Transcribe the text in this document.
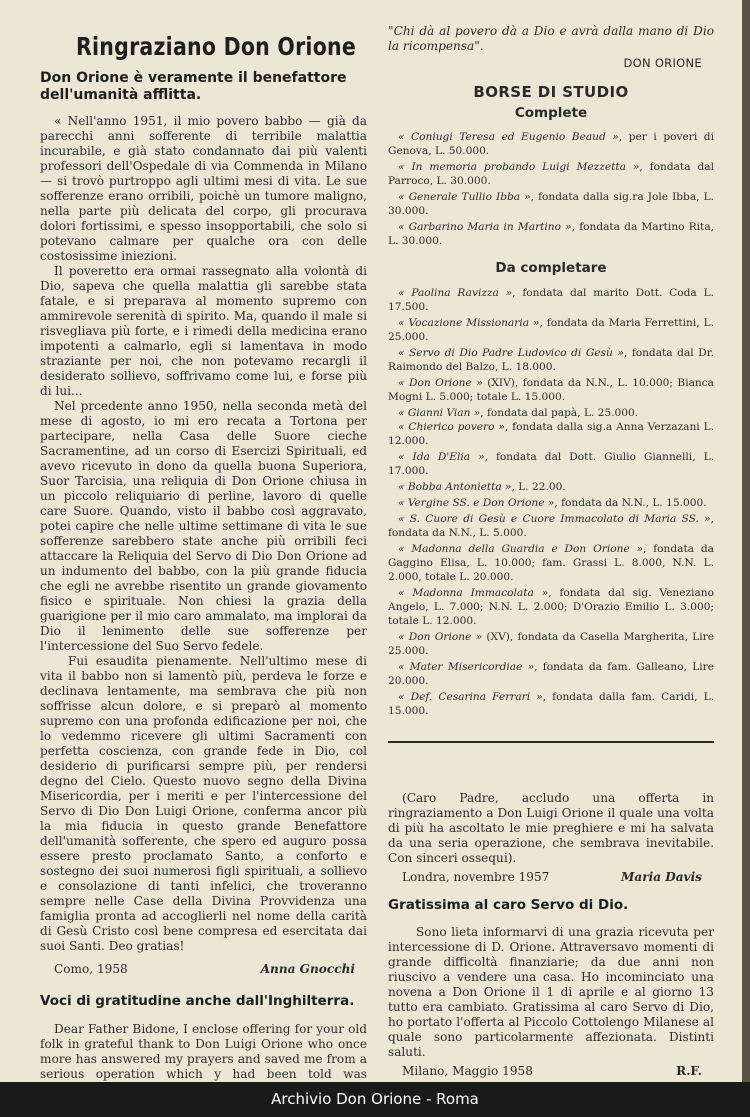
Ringraziano Don Orione
Don Orione è veramente il benefattore dell'umanità afflitta.

« Nell'anno 1951, il mio povero babbo — già da parecchi anni sofferente di terribile malattia incurabile, e già stato condannato dai più valenti professori dell'Ospedale di via Commenda in Milano — si trovò purtroppo agli ultimi mesi di vita. Le sue sofferenze erano orribili, poichè un tumore maligno, nella parte più delicata del corpo, gli procurava dolori fortissimi, e spesso insopportabili, che solo si potevano calmare per qualche ora con delle costosissime iniezioni.

Il poveretto era ormai rassegnato alla volontà di Dio, sapeva che quella malattia gli sarebbe stata fatale, e si preparava al momento supremo con ammirevole serenità di spirito. Ma, quando il male si risvegliava più forte, e i rimedi della medicina erano impotenti a calmarlo, egli si lamentava in modo straziante per noi, che non potevamo recargli il desiderato sollievo, soffrivamo come lui, e forse più di lui...

Nel prcedente anno 1950, nella seconda metà del mese di agosto, io mi ero recata a Tortona per partecipare, nella Casa delle Suore cieche Sacramentine, ad un corso di Esercizi Spirituali, ed avevo ricevuto in dono da quella buona Superiora, Suor Tarcisia, una reliquia di Don Orione chiusa in un piccolo reliquiario di perline, lavoro di quelle care Suore. Quando, visto il babbo così aggravato, potei capire che nelle ultime settimane di vita le sue sofferenze sarebbero state anche più orribili feci attaccare la Reliquia del Servo di Dio Don Orione ad un indumento del babbo, con la più grande fiducia che egli ne avrebbe risentito un grande giovamento fisico e spirituale. Non chiesi la grazia della guarigione per il mio caro ammalato, ma implorai da Dio il lenimento delle sue sofferenze per l'intercessione del Suo Servo fedele.

Fui esaudita pienamente. Nell'ultimo mese di vita il babbo non si lamentò più, perdeva le forze e declinava lentamente, ma sembrava che più non soffrisse alcun dolore, e si preparò al momento supremo con una profonda edificazione per noi, che lo vedemmo ricevere gli ultimi Sacramenti con perfetta coscienza, con grande fede in Dio, col desiderio di purificarsi sempre più, per rendersi degno del Cielo. Questo nuovo segno della Divina Misericordia, per i meriti e per l'intercessione del Servo di Dio Don Luigi Orione, conferma ancor più la mia fiducia in questo grande Benefattore dell'umanità sofferente, che spero ed auguro possa essere presto proclamato Santo, a conforto e sostegno dei suoi numerosi figli spirituali, a sollievo e consolazione di tanti infelici, che troveranno sempre nelle Case della Divina Provvidenza una famiglia pronta ad accoglierli nel nome della carità di Gesù Cristo così bene compresa ed esercitata dai suoi Santi. Deo gratias!

Como, 1958	Anna Gnocchi
Voci di gratitudine anche dall'Inghilterra.

Dear Father Bidone, I enclose offering for your old folk in grateful thank to Don Luigi Orione who once more has answered my prayers and saved me from a serious operation which y had been told was

"Chi dà al povero dà a Dio e avrà dalla mano di Dio la ricompensa".
DON ORIONE
BORSE DI STUDIO
Complete

« Coniugi Teresa ed Eugenio Beaud », per i poveri di Genova, L. 50.000.

« In memoria probando Luigi Mezzetta », fondata dal Parroco, L. 30.000.

« Generale Tullio Ibba », fondata dalla sig.ra Jole Ibba, L. 30.000.

« Garbarino Maria in Martino », fondata da Martino Rita, L. 30.000.

Da completare

« Paolina Ravizza », fondata dal marito Dott. Coda L. 17.500.

« Vocazione Missionaria », fondata da Maria Ferrettini, L. 25.000.

« Servo di Dio Padre Ludovico di Gesù », fondata dal Dr. Raimondo del Balzo, L. 18.000.

« Don Orione » (XIV), fondata da N.N., L. 10.000; Bianca Mogni L. 5.000; totale L. 15.000.

« Gianni Vian », fondata dal papà, L. 25.000.

« Chierico povero », fondata dalla sig.a Anna Verzazani L. 12.000.

« Ida D'Elia », fondata dal Dott. Giulio Giannelli, L. 17.000.

« Bobba Antonietta », L. 22.00.

« Vergine SS. e Don Orione », fondata da N.N., L. 15.000.

« S. Cuore di Gesù e Cuore Immacolato di Maria SS. », fondata da N.N., L. 5.000.

« Madonna della Guardia e Don Orione », fondata da Gaggino Elisa, L. 10.000; fam. Grassi L. 8.000, N.N. L. 2.000, totale L. 20.000.

« Madonna Immacolata », fondata dal sig. Veneziano Angelo, L. 7.000; N.N. L. 2.000; D'Orazio Emilio L. 3.000; totale L. 12.000.

« Don Orione » (XV), fondata da Casella Margherita, Lire 25.000.

« Mater Misericordiae », fondata da fam. Galleano, Lire 20.000.

« Def. Cesarina Ferrari », fondata dalla fam. Caridi, L. 15.000.

(Caro Padre, accludo una offerta in ringraziamento a Don Luigi Orione il quale una volta di più ha ascoltato le mie preghiere e mi ha salvata da una seria operazione, che sembrava inevitabile. Con sinceri ossequi).

Londra, novembre 1957	Maria Davis
Gratissima al caro Servo di Dio.

Sono lieta informarvi di una grazia ricevuta per intercessione di D. Orione. Attraversavo momenti di grande difficoltà finanziarie; da due anni non riuscivo a vendere una casa. Ho incominciato una novena a Don Orione il 1 di aprile e al giorno 13 tutto era cambiato. Gratissima al caro Servo di Dio, ho portato l'offerta al Piccolo Cottolengo Milanese al quale sono particolarmente affezionata. Distinti saluti.

Milano, Maggio 1958	R.F.
Archivio Don Orione - Roma
